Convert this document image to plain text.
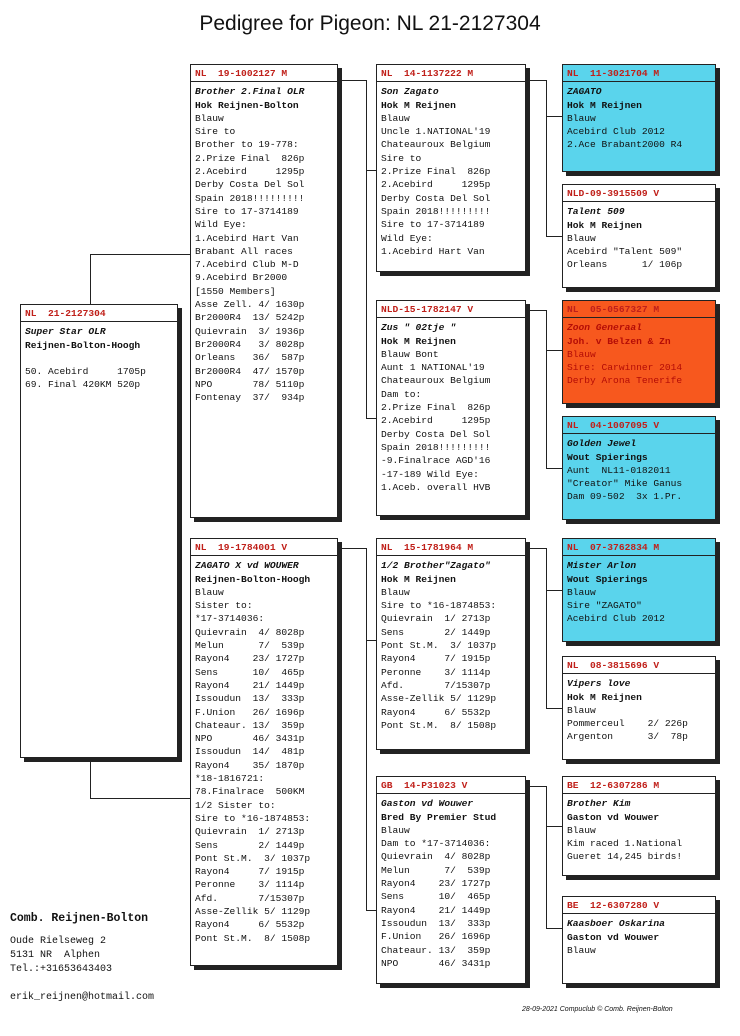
Pedigree for Pigeon: NL 21-2127304
NL  21-2127304
Super Star OLR
Reijnen-Bolton-Hoogh

50. Acebird     1705p
69. Final 420KM 520p
NL  19-1002127 M
Brother 2.Final OLR
Hok Reijnen-Bolton
Blauw
Sire to
Brother to 19-778:
2.Prize Final  826p
2.Acebird     1295p
Derby Costa Del Sol
Spain 2018!!!!!!!!!
Sire to 17-3714189
Wild Eye:
1.Acebird Hart Van
Brabant All races
7.Acebird Club M-D
9.Acebird Br2000
[1550 Members]
Asse Zell. 4/ 1630p
Br2000R4  13/ 5242p
Quievrain  3/ 1936p
Br2000R4   3/ 8028p
Orleans   36/  587p
Br2000R4  47/ 1570p
NPO       78/ 5110p
Fontenay  37/  934p
NL  19-1784001 V
ZAGATO X vd WOUWER
Reijnen-Bolton-Hoogh
Blauw
Sister to:
*17-3714036:
Quievrain  4/ 8028p
Melun      7/  539p
Rayon4    23/ 1727p
Sens      10/  465p
Rayon4    21/ 1449p
Issoudun  13/  333p
F.Union   26/ 1696p
Chateaur. 13/  359p
NPO       46/ 3431p
Issoudun  14/  481p
Rayon4    35/ 1870p
*18-1816721:
78.Finalrace  500KM
1/2 Sister to:
Sire to *16-1874853:
Quievrain  1/ 2713p
Sens       2/ 1449p
Pont St.M.  3/ 1037p
Rayon4     7/ 1915p
Peronne    3/ 1114p
Afd.       7/15307p
Asse-Zellik 5/ 1129p
Rayon4     6/ 5532p
Pont St.M.  8/ 1508p
NL  14-1137222 M
Son Zagato
Hok M Reijnen
Blauw
Uncle 1.NATIONAL'19
Chateauroux Belgium
Sire to
2.Prize Final  826p
2.Acebird     1295p
Derby Costa Del Sol
Spain 2018!!!!!!!!!
Sire to 17-3714189
Wild Eye:
1.Acebird Hart Van
NLD-15-1782147 V
Zus " 02tje "
Hok M Reijnen
Blauw Bont
Aunt 1 NATIONAL'19
Chateauroux Belgium
Dam to:
2.Prize Final  826p
2.Acebird     1295p
Derby Costa Del Sol
Spain 2018!!!!!!!!!
-9.Finalrace AGD'16
-17-189 Wild Eye:
1.Aceb. overall HVB
NL  15-1781964 M
1/2 Brother"Zagato"
Hok M Reijnen
Blauw
Sire to *16-1874853:
Quievrain  1/ 2713p
Sens       2/ 1449p
Pont St.M.  3/ 1037p
Rayon4     7/ 1915p
Peronne    3/ 1114p
Afd.       7/15307p
Asse-Zellik 5/ 1129p
Rayon4     6/ 5532p
Pont St.M.  8/ 1508p
GB  14-P31023 V
Gaston vd Wouwer
Bred By Premier Stud
Blauw
Dam to *17-3714036:
Quievrain  4/ 8028p
Melun      7/  539p
Rayon4    23/ 1727p
Sens      10/  465p
Rayon4    21/ 1449p
Issoudun  13/  333p
F.Union   26/ 1696p
Chateaur. 13/  359p
NPO       46/ 3431p
NL  11-3021704 M
ZAGATO
Hok M Reijnen
Blauw
Acebird Club 2012
2.Ace Brabant2000 R4
NLD-09-3915509 V
Talent 509
Hok M Reijnen
Blauw
Acebird "Talent 509"
Orleans      1/ 106p
NL  05-0567327 M
Zoon Generaal
Joh. v Belzen & Zn
Blauw
Sire: Carwinner 2014
Derby Arona Tenerife
NL  04-1007095 V
Golden Jewel
Wout Spierings
Aunt  NL11-0182011
"Creator" Mike Ganus
Dam 09-502  3x 1.Pr.
NL  07-3762834 M
Mister Arlon
Wout Spierings
Blauw
Sire "ZAGATO"
Acebird Club 2012
NL  08-3815696 V
Vipers love
Hok M Reijnen
Blauw
Pommerceul    2/ 226p
Argenton      3/  78p
BE  12-6307286 M
Brother Kim
Gaston vd Wouwer
Blauw
Kim raced 1.National
Gueret 14,245 birds!
BE  12-6307280 V
Kaasboer Oskarina
Gaston vd Wouwer
Blauw
Comb. Reijnen-Bolton
Oude Rielseweg 2
5131 NR  Alphen
Tel.:+31653643403
erik_reijnen@hotmail.com
28-09-2021 Compuclub © Comb. Reijnen-Bolton
